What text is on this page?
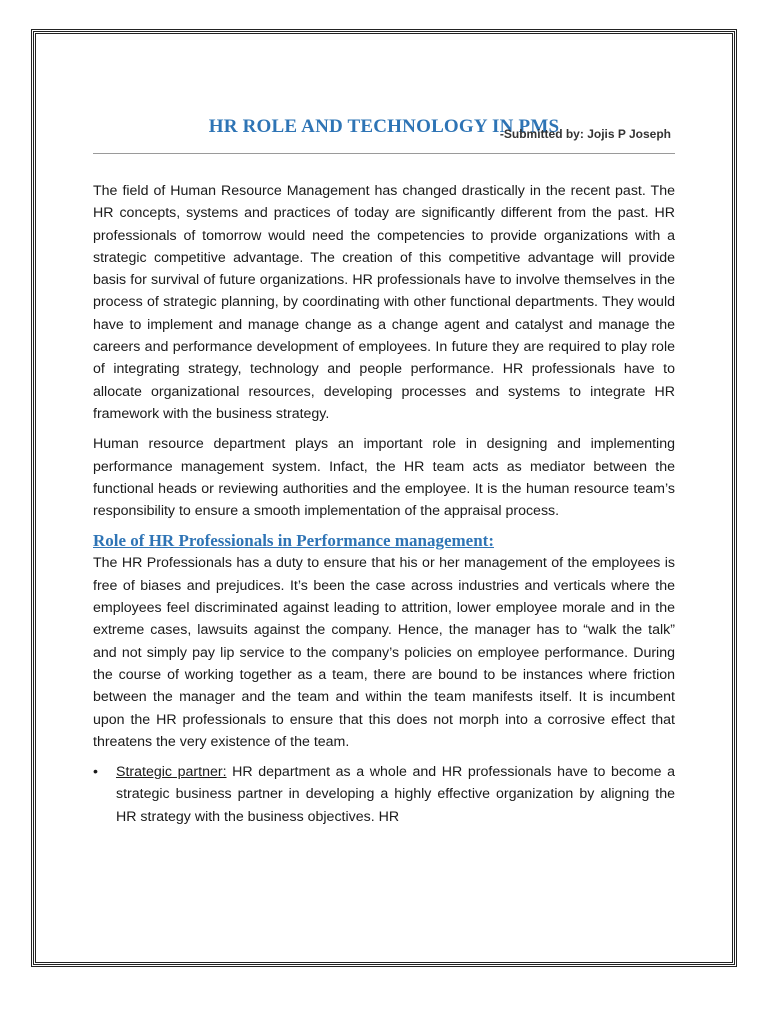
HR ROLE AND TECHNOLOGY IN PMS
-Submitted by: Jojis P Joseph

The field of Human Resource Management has changed drastically in the recent past. The HR concepts, systems and practices of today are significantly different from the past. HR professionals of tomorrow would need the competencies to provide organizations with a strategic competitive advantage. The creation of this competitive advantage will provide basis for survival of future organizations. HR professionals have to involve themselves in the process of strategic planning, by coordinating with other functional departments. They would have to implement and manage change as a change agent and catalyst and manage the careers and performance development of employees. In future they are required to play role of integrating strategy, technology and people performance. HR professionals have to allocate organizational resources, developing processes and systems to integrate HR framework with the business strategy.

Human resource department plays an important role in designing and implementing performance management system. Infact, the HR team acts as mediator between the functional heads or reviewing authorities and the employee. It is the human resource team’s responsibility to ensure a smooth implementation of the appraisal process.

Role of HR Professionals in Performance management:

The HR Professionals has a duty to ensure that his or her management of the employees is free of biases and prejudices. It’s been the case across industries and verticals where the employees feel discriminated against leading to attrition, lower employee morale and in the extreme cases, lawsuits against the company. Hence, the manager has to “walk the talk” and not simply pay lip service to the company’s policies on employee performance. During the course of working together as a team, there are bound to be instances where friction between the manager and the team and within the team manifests itself. It is incumbent upon the HR professionals to ensure that this does not morph into a corrosive effect that threatens the very existence of the team.

• Strategic partner: HR department as a whole and HR professionals have to become a strategic business partner in developing a highly effective organization by aligning the HR strategy with the business objectives. HR
